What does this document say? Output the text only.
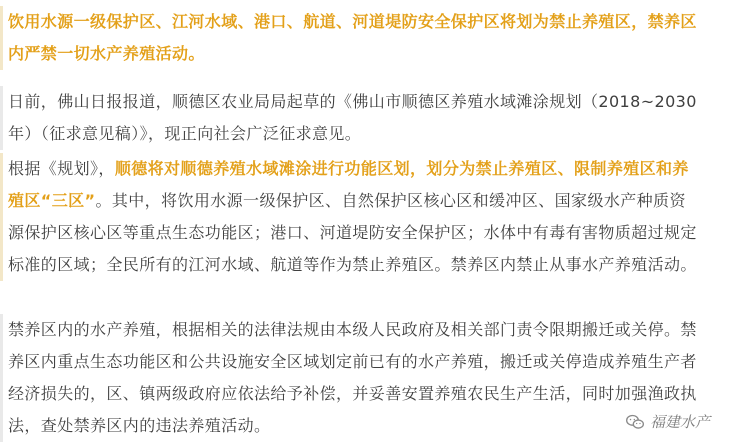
饮用水源一级保护区、江河水域、港口、航道、河道堤防安全保护区将划为禁止养殖区，禁养区内严禁一切水产养殖活动。
日前，佛山日报报道，顺德区农业局局起草的《佛山市顺德区养殖水域滩涂规划（2018~2030年）（征求意见稿）》，现正向社会广泛征求意见。
根据《规划》，顺德将对顺德养殖水域滩涂进行功能区划，划分为禁止养殖区、限制养殖区和养殖区“三区”。其中，将饮用水源一级保护区、自然保护区核心区和缓冲区、国家级水产种质资源保护区核心区等重点生态功能区；港口、河道堤防安全保护区；水体中有毒有害物质超过规定标准的区域；全民所有的江河水域、航道等作为禁止养殖区。禁养区内禁止从事水产养殖活动。
禁养区内的水产养殖，根据相关的法律法规由本级人民政府及相关部门责令限期搬迁或关停。禁养区内重点生态功能区和公共设施安全区域划定前已有的水产养殖，搬迁或关停造成养殖生产者经济损失的，区、镇两级政府应依法给予补偿，并妥善安置养殖农民生产生活，同时加强渔政执法，查处禁养区内的违法养殖活动。	福建水产
